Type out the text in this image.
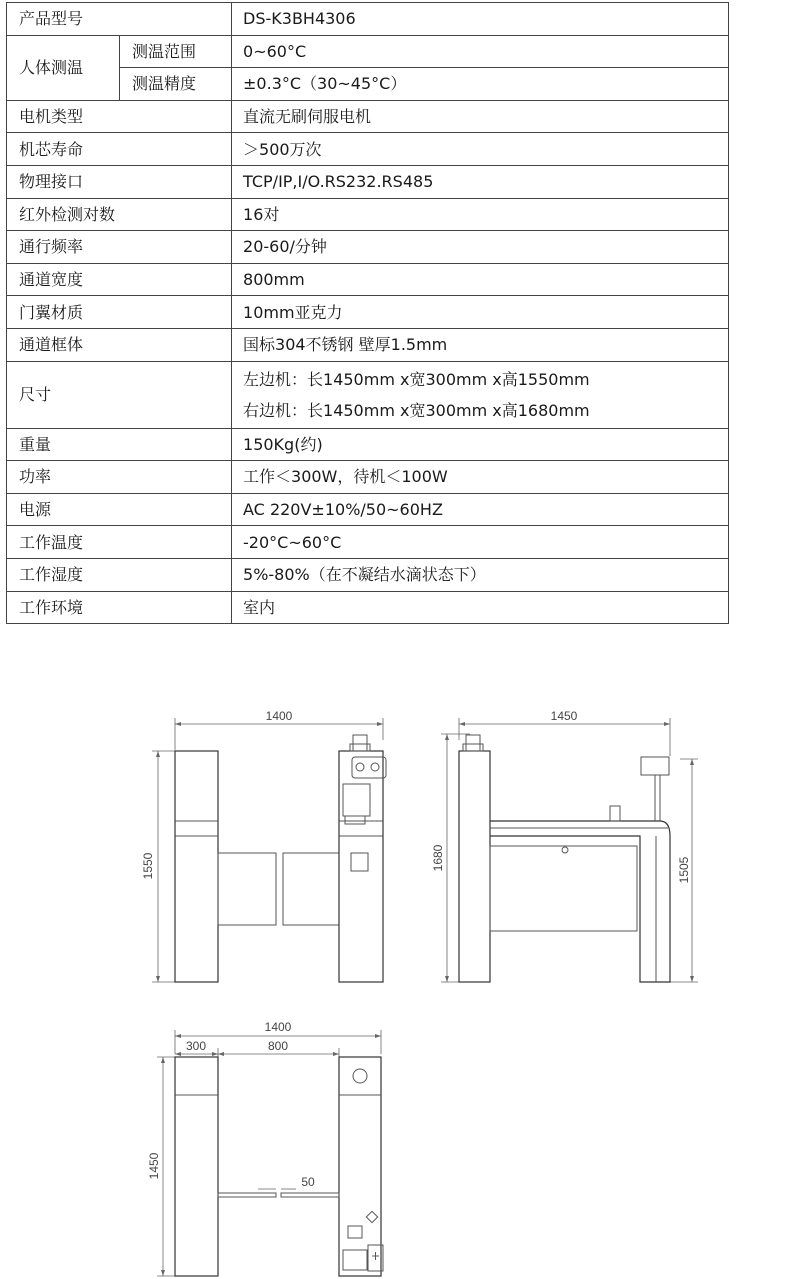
产品型号		DS-K3BH4306
人体测温	测温范围	0~60°C
	测温精度	±0.3°C（30~45°C）
电机类型		直流无刷伺服电机
机芯寿命		＞500万次
物理接口		TCP/IP,I/O.RS232.RS485
红外检测对数		16对
通行频率		20-60/分钟
通道宽度		800mm
门翼材质		10mm亚克力
通道框体		国标304不锈钢 壁厚1.5mm
尺寸		左边机：长1450mm x宽300mm x高1550mm
右边机：长1450mm x宽300mm x高1680mm

重量		150Kg(约)
功率		工作＜300W，待机＜100W
电源		AC 220V±10%/50~60HZ
工作温度		-20°C~60°C
工作湿度		5%-80%（在不凝结水滴状态下）
工作环境		室内
1400
1550
1450
1680	1505
1400
300	800
1450
50
